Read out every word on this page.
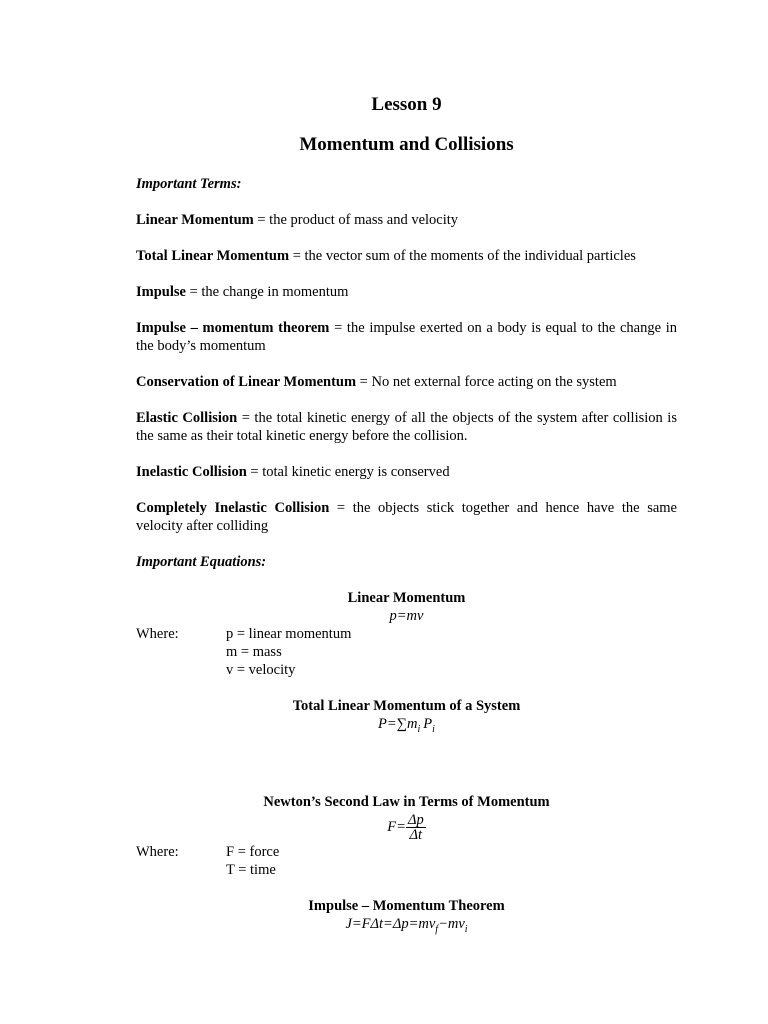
Lesson 9
Momentum and Collisions

Important Terms:

Linear Momentum = the product of mass and velocity

Total Linear Momentum = the vector sum of the moments of the individual particles

Impulse = the change in momentum

Impulse – momentum theorem = the impulse exerted on a body is equal to the change in the body’s momentum

Conservation of Linear Momentum = No net external force acting on the system

Elastic Collision = the total kinetic energy of all the objects of the system after collision is the same as their total kinetic energy before the collision.

Inelastic Collision = total kinetic energy is conserved

Completely Inelastic Collision = the objects stick together and hence have the same velocity after colliding

Important Equations:

Linear Momentum

p=mv

Where:	p = linear momentum
m = mass
v = velocity

Total Linear Momentum of a System

$P=\sum m_i$ $P_i$

Newton’s Second Law in Terms of Momentum

$F= \frac{\Delta p}{\Delta t}$
Where:	F = force
T = time

Impulse – Momentum Theorem

$J=F\Delta t=\Delta p=mv_f-mv_i$
